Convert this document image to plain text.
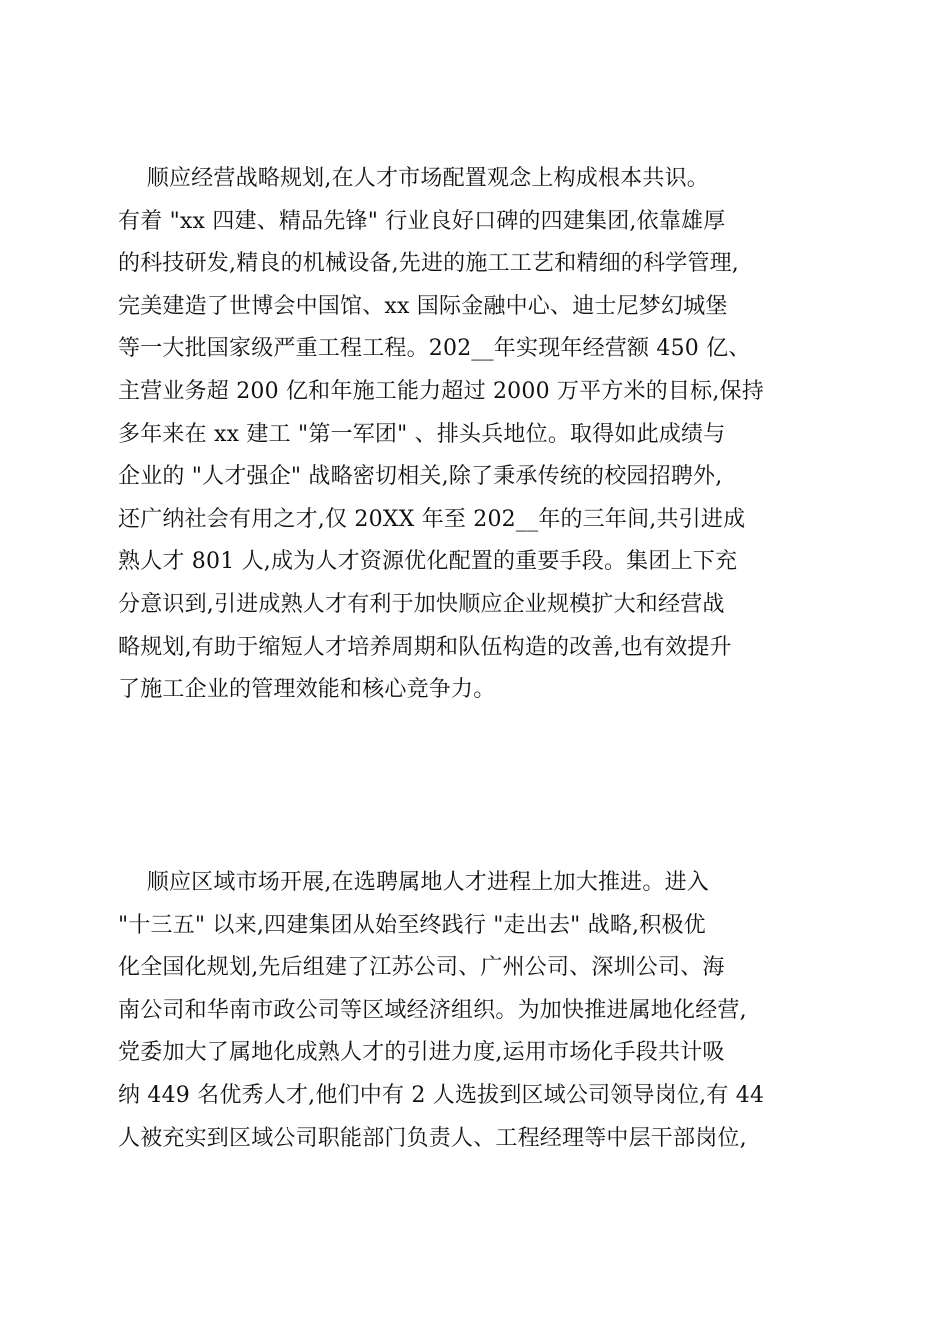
顺应经营战略规划,在人才市场配置观念上构成根本共识。
有着 "xx 四建、精品先锋" 行业良好口碑的四建集团,依靠雄厚
的科技研发,精良的机械设备,先进的施工工艺和精细的科学管理,
完美建造了世博会中国馆、xx 国际金融中心、迪士尼梦幻城堡
等一大批国家级严重工程工程。202__年实现年经营额 450 亿、
主营业务超 200 亿和年施工能力超过 2000 万平方米的目标,保持
多年来在 xx 建工 "第一军团" 、排头兵地位。取得如此成绩与
企业的 "人才强企" 战略密切相关,除了秉承传统的校园招聘外,
还广纳社会有用之才,仅 20XX 年至 202__年的三年间,共引进成
熟人才 801 人,成为人才资源优化配置的重要手段。集团上下充
分意识到,引进成熟人才有利于加快顺应企业规模扩大和经营战
略规划,有助于缩短人才培养周期和队伍构造的改善,也有效提升
了施工企业的管理效能和核心竞争力。
顺应区域市场开展,在选聘属地人才进程上加大推进。进入
"十三五" 以来,四建集团从始至终践行 "走出去" 战略,积极优
化全国化规划,先后组建了江苏公司、广州公司、深圳公司、海
南公司和华南市政公司等区域经济组织。为加快推进属地化经营,
党委加大了属地化成熟人才的引进力度,运用市场化手段共计吸
纳 449 名优秀人才,他们中有 2 人选拔到区域公司领导岗位,有 44
人被充实到区域公司职能部门负责人、工程经理等中层干部岗位,
